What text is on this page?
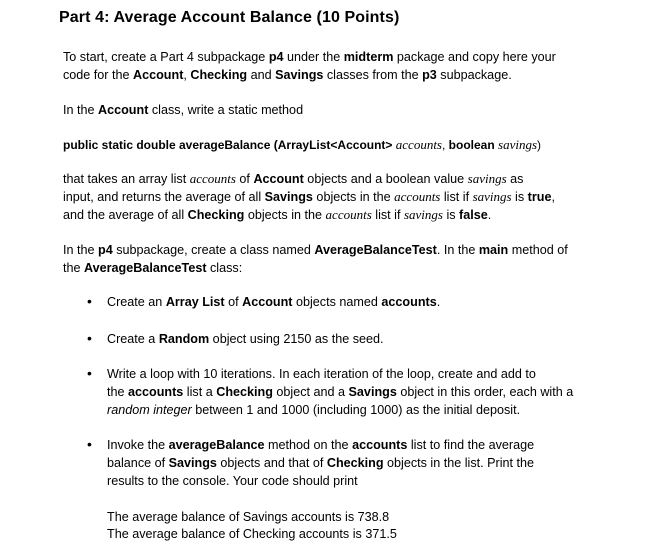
Part 4: Average Account Balance (10 Points)
To start, create a Part 4 subpackage p4 under the midterm package and copy here your
code for the Account, Checking and Savings classes from the p3 subpackage.
In the Account class, write a static method
public static double averageBalance (ArrayList<Account> accounts, boolean savings)
that takes an array list accounts of Account objects and a boolean value savings as
input, and returns the average of all Savings objects in the accounts list if savings is true,
and the average of all Checking objects in the accounts list if savings is false.
In the p4 subpackage, create a class named AverageBalanceTest. In the main method of
the AverageBalanceTest class:
• Create an Array List of Account objects named accounts.
• Create a Random object using 2150 as the seed.
• Write a loop with 10 iterations. In each iteration of the loop, create and add to
the accounts list a Checking object and a Savings object in this order, each with a
random integer between 1 and 1000 (including 1000) as the initial deposit.
• Invoke the averageBalance method on the accounts list to find the average
balance of Savings objects and that of Checking objects in the list. Print the
results to the console. Your code should print
The average balance of Savings accounts is 738.8
The average balance of Checking accounts is 371.5
